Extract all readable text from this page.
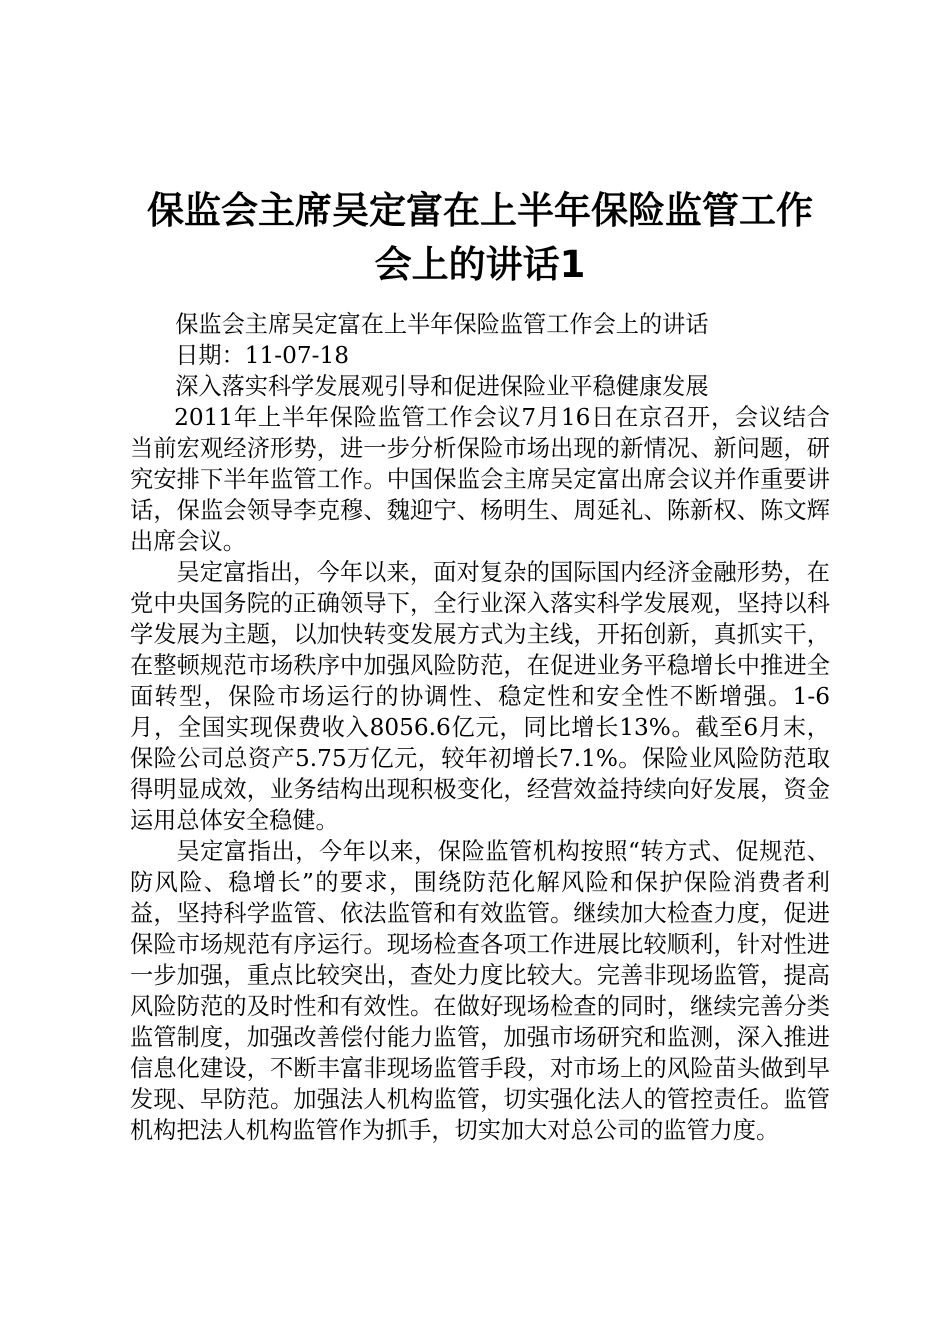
保监会主席吴定富在上半年保险监管工作会上的讲话1

保监会主席吴定富在上半年保险监管工作会上的讲话

日期：11-07-18

深入落实科学发展观引导和促进保险业平稳健康发展

2011年上半年保险监管工作会议7月16日在京召开，会议结合当前宏观经济形势，进一步分析保险市场出现的新情况、新问题，研究安排下半年监管工作。中国保监会主席吴定富出席会议并作重要讲话，保监会领导李克穆、魏迎宁、杨明生、周延礼、陈新权、陈文辉出席会议。

吴定富指出，今年以来，面对复杂的国际国内经济金融形势，在党中央国务院的正确领导下，全行业深入落实科学发展观，坚持以科学发展为主题，以加快转变发展方式为主线，开拓创新，真抓实干，在整顿规范市场秩序中加强风险防范，在促进业务平稳增长中推进全面转型，保险市场运行的协调性、稳定性和安全性不断增强。1-6月，全国实现保费收入8056.6亿元，同比增长13%。截至6月末，保险公司总资产5.75万亿元，较年初增长7.1%。保险业风险防范取得明显成效，业务结构出现积极变化，经营效益持续向好发展，资金运用总体安全稳健。

吴定富指出，今年以来，保险监管机构按照“转方式、促规范、防风险、稳增长”的要求，围绕防范化解风险和保护保险消费者利益，坚持科学监管、依法监管和有效监管。继续加大检查力度，促进保险市场规范有序运行。现场检查各项工作进展比较顺利，针对性进一步加强，重点比较突出，查处力度比较大。完善非现场监管，提高风险防范的及时性和有效性。在做好现场检查的同时，继续完善分类监管制度，加强改善偿付能力监管，加强市场研究和监测，深入推进信息化建设，不断丰富非现场监管手段，对市场上的风险苗头做到早发现、早防范。加强法人机构监管，切实强化法人的管控责任。监管机构把法人机构监管作为抓手，切实加大对总公司的监管力度。
